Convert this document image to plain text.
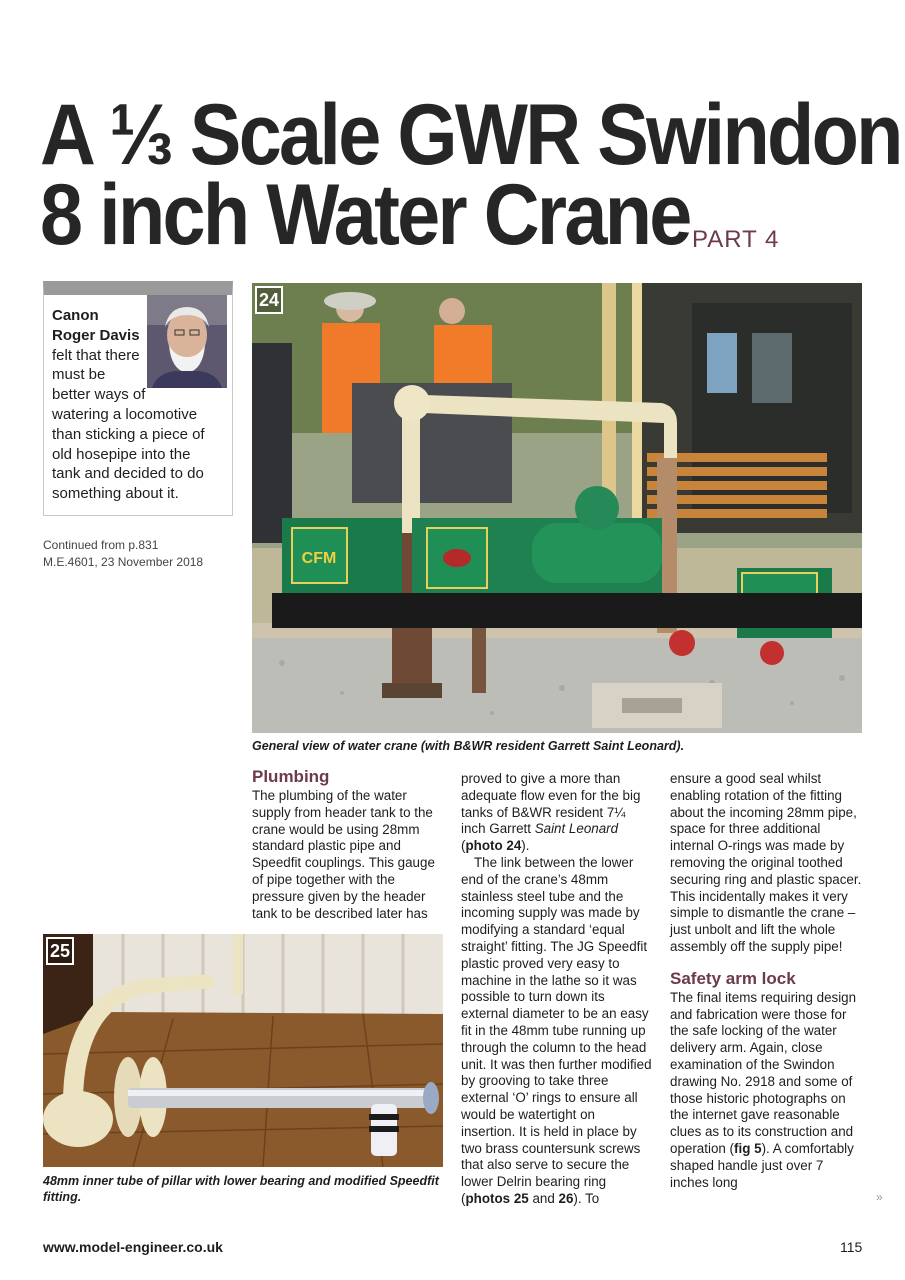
A ⅓ Scale GWR Swindon
8 inch Water Crane PART 4
Canon Roger Davis felt that there must be better ways of watering a locomotive than sticking a piece of old hosepipe into the tank and decided to do something about it.
Continued from p.831
M.E.4601, 23 November 2018	CFM
24
General view of water crane (with B&WR resident Garrett Saint Leonard).
25
48mm inner tube of pillar with lower bearing and modified Speedfit fitting.
Plumbing

The plumbing of the water supply from header tank to the crane would be using 28mm standard plastic pipe and Speedfit couplings. This gauge of pipe together with the pressure given by the header tank to be described later has

proved to give a more than adequate flow even for the big tanks of B&WR resident 7¼ inch Garrett Saint Leonard (photo 24).

The link between the lower end of the crane’s 48mm stainless steel tube and the incoming supply was made by modifying a standard ‘equal straight’ fitting. The JG Speedfit plastic proved very easy to machine in the lathe so it was possible to turn down its external diameter to be an easy fit in the 48mm tube running up through the column to the head unit. It was then further modified by grooving to take three external ‘O’ rings to ensure all would be watertight on insertion. It is held in place by two brass countersunk screws that also serve to secure the lower Delrin bearing ring (photos 25 and 26). To

ensure a good seal whilst enabling rotation of the fitting about the incoming 28mm pipe, space for three additional internal O-rings was made by removing the original toothed securing ring and plastic spacer. This incidentally makes it very simple to dismantle the crane – just unbolt and lift the whole assembly off the supply pipe!

Safety arm lock

The final items requiring design and fabrication were those for the safe locking of the water delivery arm. Again, close examination of the Swindon drawing No. 2918 and some of those historic photographs on the internet gave reasonable clues as to its construction and operation (fig 5). A comfortably shaped handle just over 7 inches long

»
www.model-engineer.co.uk	115
